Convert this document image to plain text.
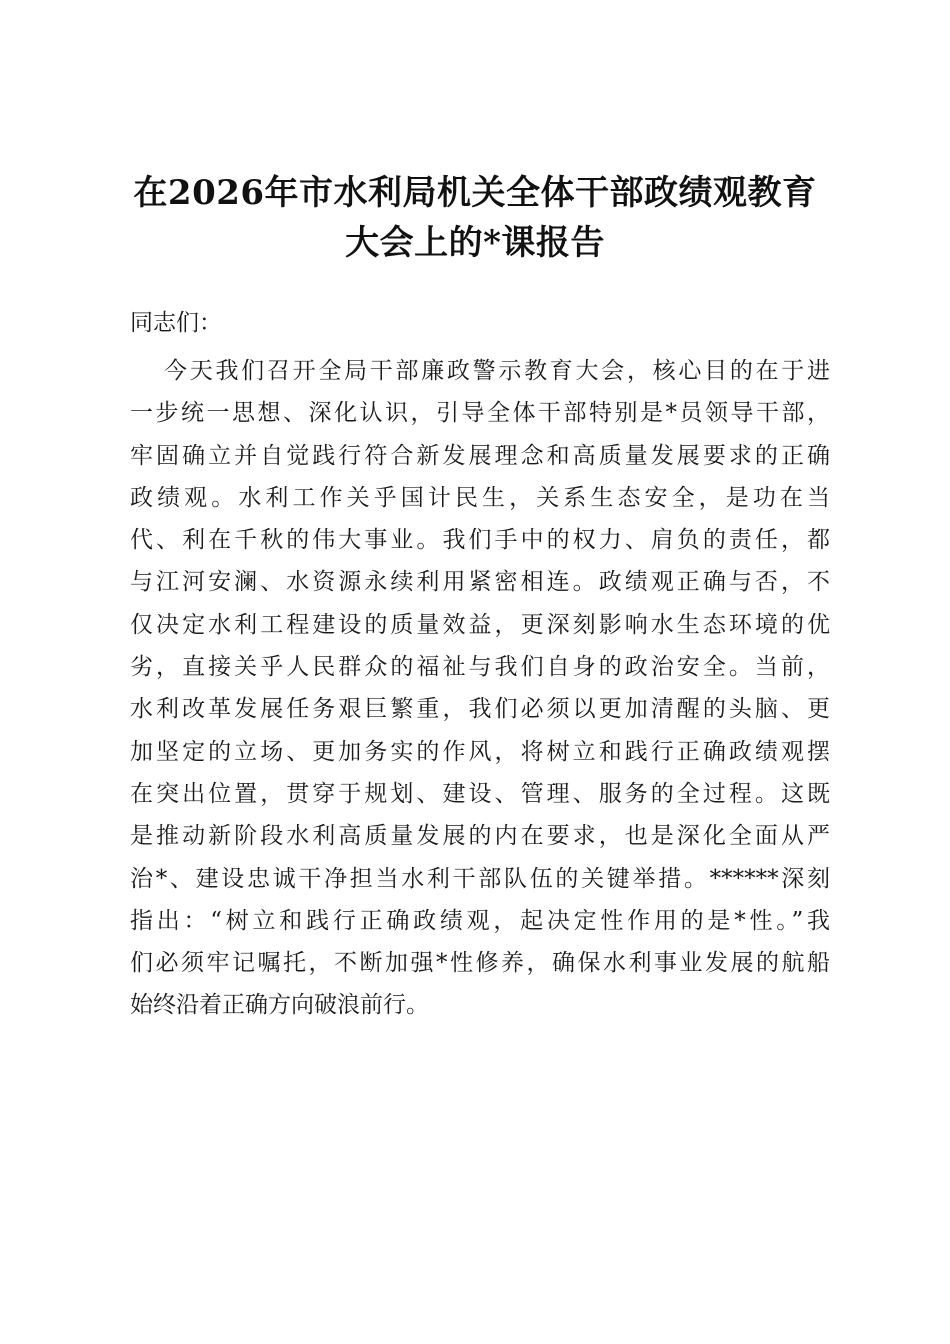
在2026年市水利局机关全体干部政绩观教育
大会上的*课报告

同志们：

今天我们召开全局干部廉政警示教育大会，核心目的在于进
一步统一思想、深化认识，引导全体干部特别是*员领导干部，
牢固确立并自觉践行符合新发展理念和高质量发展要求的正确
政绩观。水利工作关乎国计民生，关系生态安全，是功在当
代、利在千秋的伟大事业。我们手中的权力、肩负的责任，都
与江河安澜、水资源永续利用紧密相连。政绩观正确与否，不
仅决定水利工程建设的质量效益，更深刻影响水生态环境的优
劣，直接关乎人民群众的福祉与我们自身的政治安全。当前，
水利改革发展任务艰巨繁重，我们必须以更加清醒的头脑、更
加坚定的立场、更加务实的作风，将树立和践行正确政绩观摆
在突出位置，贯穿于规划、建设、管理、服务的全过程。这既
是推动新阶段水利高质量发展的内在要求，也是深化全面从严
治*、建设忠诚干净担当水利干部队伍的关键举措。******深刻
指出：“树立和践行正确政绩观，起决定性作用的是*性。”我
们必须牢记嘱托，不断加强*性修养，确保水利事业发展的航船
始终沿着正确方向破浪前行。
